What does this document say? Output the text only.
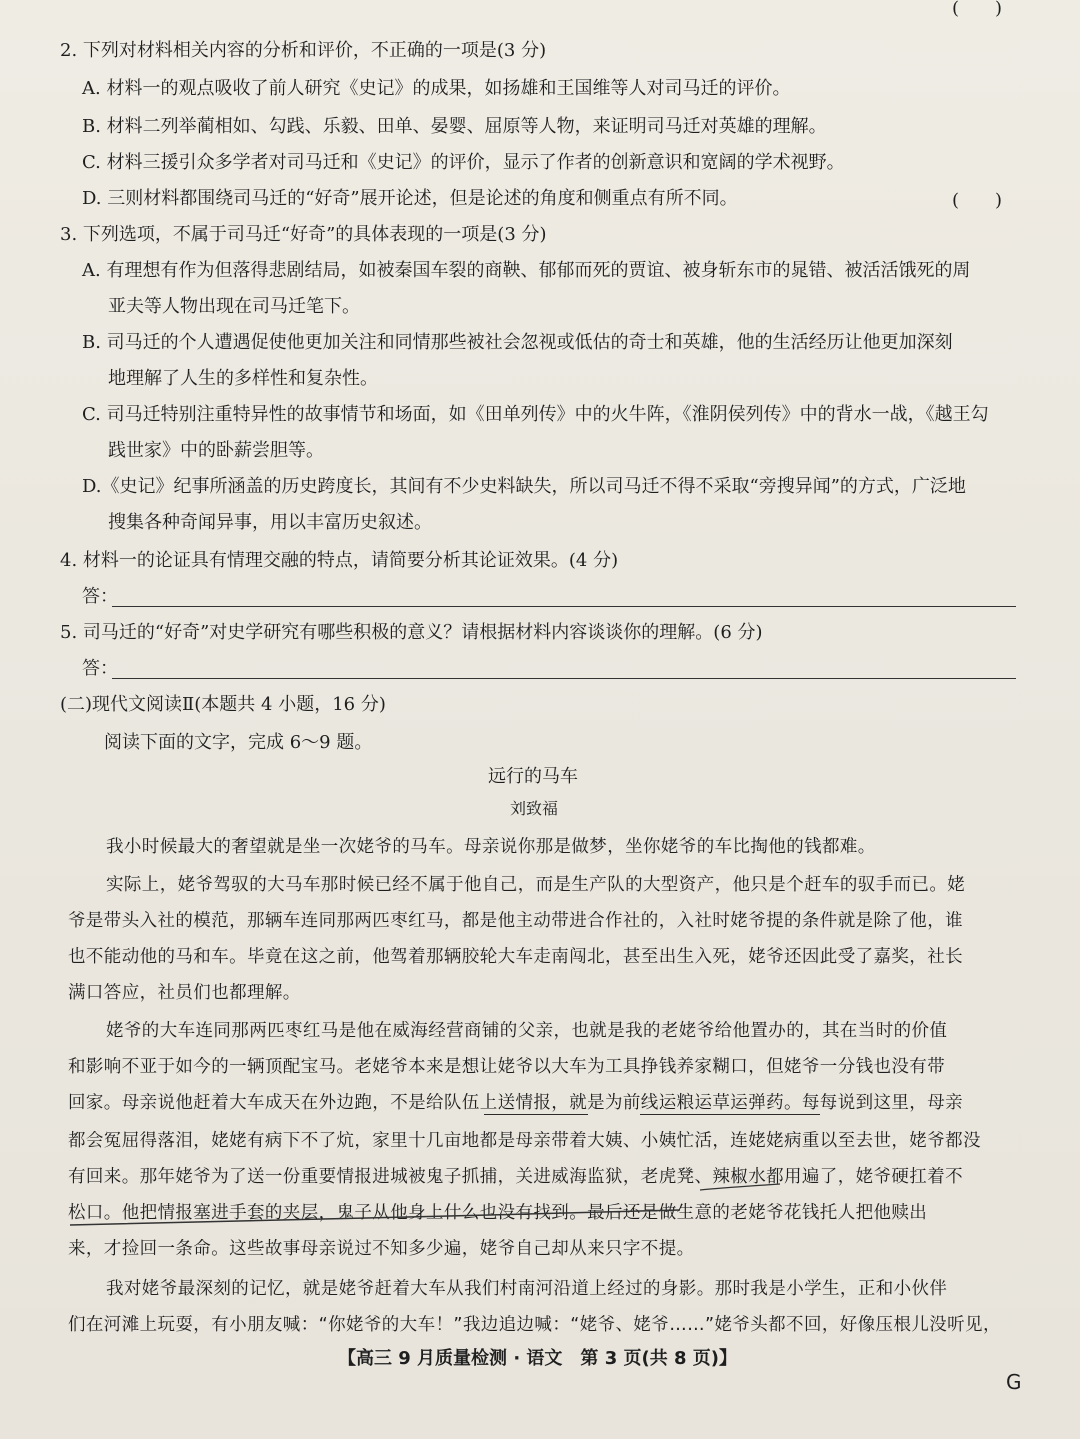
(　　)
2. 下列对材料相关内容的分析和评价，不正确的一项是(3 分)
A. 材料一的观点吸收了前人研究《史记》的成果，如扬雄和王国维等人对司马迁的评价。
B. 材料二列举蔺相如、勾践、乐毅、田单、晏婴、屈原等人物，来证明司马迁对英雄的理解。
C. 材料三援引众多学者对司马迁和《史记》的评价，显示了作者的创新意识和宽阔的学术视野。
D. 三则材料都围绕司马迁的“好奇”展开论述，但是论述的角度和侧重点有所不同。	(　　)
3. 下列选项，不属于司马迁“好奇”的具体表现的一项是(3 分)
A. 有理想有作为但落得悲剧结局，如被秦国车裂的商鞅、郁郁而死的贾谊、被身斩东市的晁错、被活活饿死的周
亚夫等人物出现在司马迁笔下。
B. 司马迁的个人遭遇促使他更加关注和同情那些被社会忽视或低估的奇士和英雄，他的生活经历让他更加深刻
地理解了人生的多样性和复杂性。
C. 司马迁特别注重特异性的故事情节和场面，如《田单列传》中的火牛阵，《淮阴侯列传》中的背水一战，《越王勾
践世家》中的卧薪尝胆等。
D.《史记》纪事所涵盖的历史跨度长，其间有不少史料缺失，所以司马迁不得不采取“旁搜异闻”的方式，广泛地
搜集各种奇闻异事，用以丰富历史叙述。
4. 材料一的论证具有情理交融的特点，请简要分析其论证效果。(4 分)
答：
5. 司马迁的“好奇”对史学研究有哪些积极的意义？请根据材料内容谈谈你的理解。(6 分)
答：
(二)现代文阅读Ⅱ(本题共 4 小题，16 分)
阅读下面的文字，完成 6～9 题。
远行的马车
刘致福
我小时候最大的奢望就是坐一次姥爷的马车。母亲说你那是做梦，坐你姥爷的车比掏他的钱都难。
实际上，姥爷驾驭的大马车那时候已经不属于他自己，而是生产队的大型资产，他只是个赶车的驭手而已。姥
爷是带头入社的模范，那辆车连同那两匹枣红马，都是他主动带进合作社的，入社时姥爷提的条件就是除了他，谁
也不能动他的马和车。毕竟在这之前，他驾着那辆胶轮大车走南闯北，甚至出生入死，姥爷还因此受了嘉奖，社长
满口答应，社员们也都理解。
姥爷的大车连同那两匹枣红马是他在威海经营商铺的父亲，也就是我的老姥爷给他置办的，其在当时的价值
和影响不亚于如今的一辆顶配宝马。老姥爷本来是想让姥爷以大车为工具挣钱养家糊口，但姥爷一分钱也没有带
回家。母亲说他赶着大车成天在外边跑，不是给队伍上送情报，就是为前线运粮运草运弹药。每每说到这里，母亲
都会冤屈得落泪，姥姥有病下不了炕，家里十几亩地都是母亲带着大姨、小姨忙活，连姥姥病重以至去世，姥爷都没
有回来。那年姥爷为了送一份重要情报进城被鬼子抓捕，关进威海监狱，老虎凳、辣椒水都用遍了，姥爷硬扛着不
松口。他把情报塞进手套的夹层，鬼子从他身上什么也没有找到。最后还是做生意的老姥爷花钱托人把他赎出
来，才捡回一条命。这些故事母亲说过不知多少遍，姥爷自己却从来只字不提。
我对姥爷最深刻的记忆，就是姥爷赶着大车从我们村南河沿道上经过的身影。那时我是小学生，正和小伙伴
们在河滩上玩耍，有小朋友喊：“你姥爷的大车！”我边追边喊：“姥爷、姥爷……”姥爷头都不回，好像压根儿没听见，
【高三 9 月质量检测 · 语文　第 3 页(共 8 页)】
G
